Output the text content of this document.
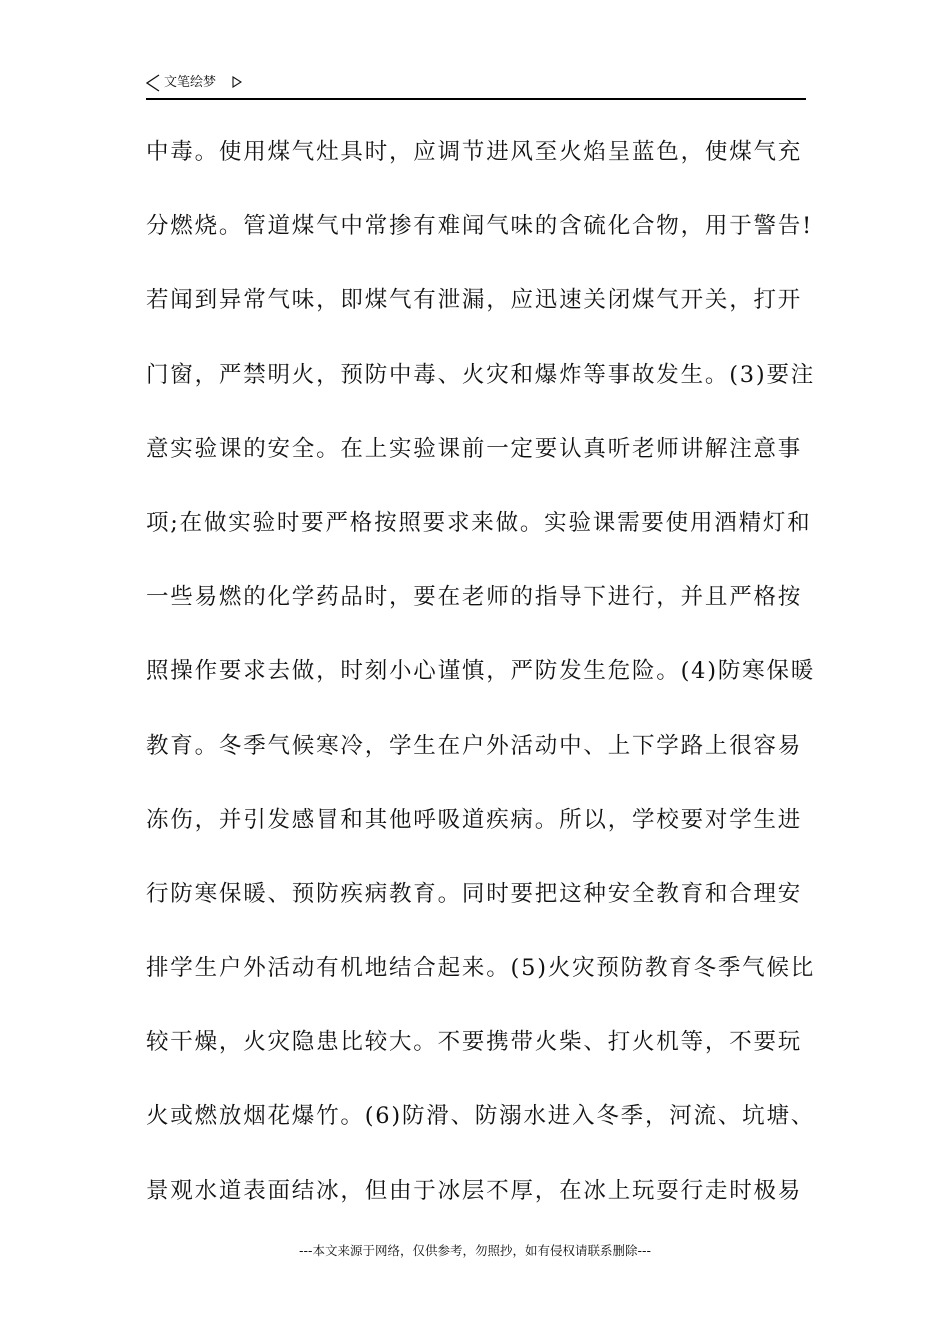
文笔绘梦
中毒。使用煤气灶具时，应调节进风至火焰呈蓝色，使煤气充
分燃烧。管道煤气中常掺有难闻气味的含硫化合物，用于警告!
若闻到异常气味，即煤气有泄漏，应迅速关闭煤气开关，打开
门窗，严禁明火，预防中毒、火灾和爆炸等事故发生。(3)要注
意实验课的安全。在上实验课前一定要认真听老师讲解注意事
项;在做实验时要严格按照要求来做。实验课需要使用酒精灯和
一些易燃的化学药品时，要在老师的指导下进行，并且严格按
照操作要求去做，时刻小心谨慎，严防发生危险。(4)防寒保暖
教育。冬季气候寒冷，学生在户外活动中、上下学路上很容易
冻伤，并引发感冒和其他呼吸道疾病。所以，学校要对学生进
行防寒保暖、预防疾病教育。同时要把这种安全教育和合理安
排学生户外活动有机地结合起来。(5)火灾预防教育冬季气候比
较干燥，火灾隐患比较大。不要携带火柴、打火机等，不要玩
火或燃放烟花爆竹。(6)防滑、防溺水进入冬季，河流、坑塘、
景观水道表面结冰，但由于冰层不厚，在冰上玩耍行走时极易
---本文来源于网络，仅供参考，勿照抄，如有侵权请联系删除---
